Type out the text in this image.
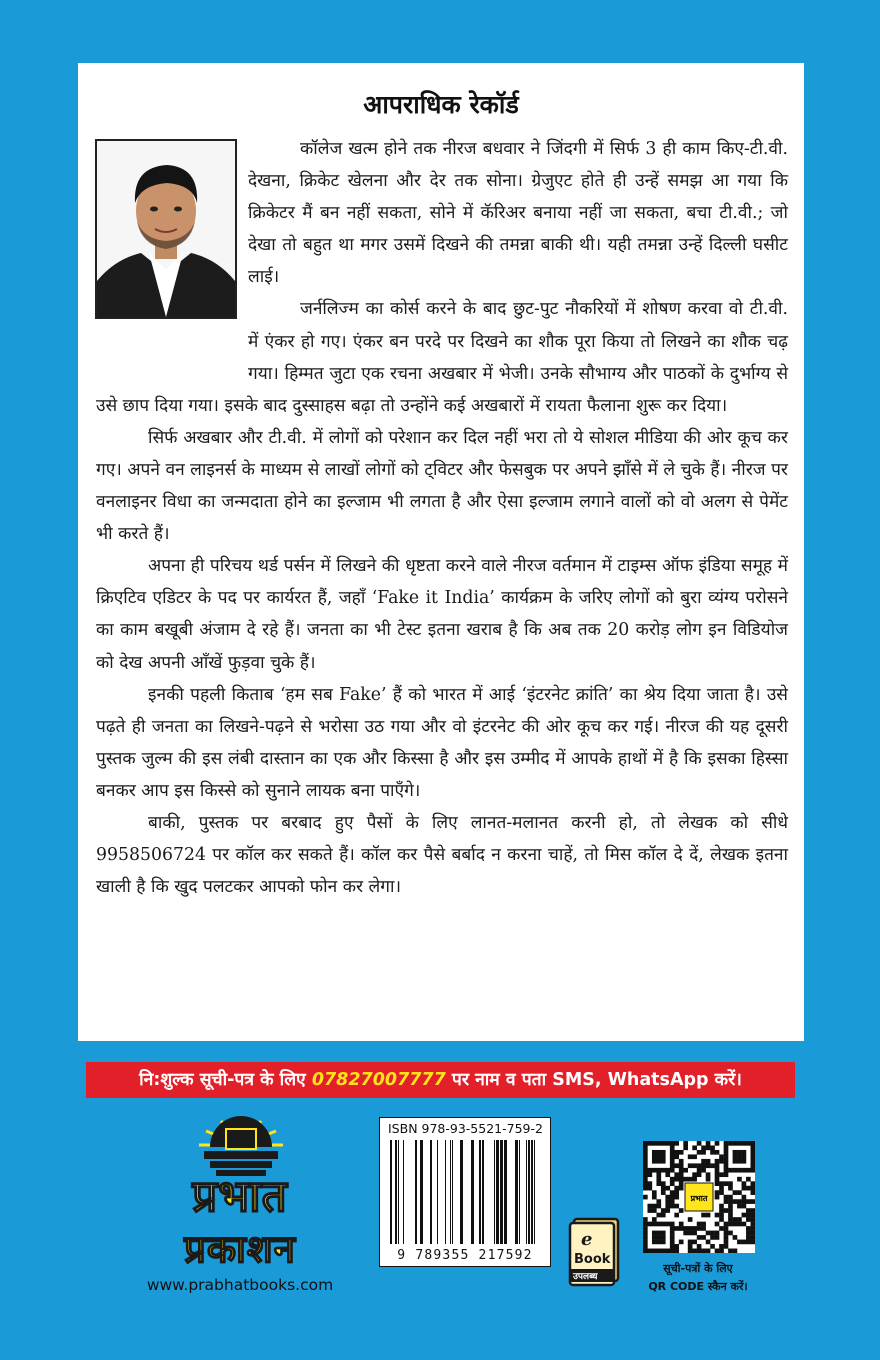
आपराधिक रेकॉर्ड

कॉलेज खत्म होने तक नीरज बधवार ने जिंदगी में सिर्फ 3 ही काम किए-टी.वी. देखना, क्रिकेट खेलना और देर तक सोना। ग्रेजुएट होते ही उन्हें समझ आ गया कि क्रिकेटर मैं बन नहीं सकता, सोने में कॅरिअर बनाया नहीं जा सकता, बचा टी.वी.; जो देखा तो बहुत था मगर उसमें दिखने की तमन्ना बाकी थी। यही तमन्ना उन्हें दिल्ली घसीट लाई।

जर्नलिज्म का कोर्स करने के बाद छुट-पुट नौकरियों में शोषण करवा वो टी.वी. में एंकर हो गए। एंकर बन परदे पर दिखने का शौक पूरा किया तो लिखने का शौक चढ़ गया। हिम्मत जुटा एक रचना अखबार में भेजी। उनके सौभाग्य और पाठकों के दुर्भाग्य से उसे छाप दिया गया। इसके बाद दुस्साहस बढ़ा तो उन्होंने कई अखबारों में रायता फैलाना शुरू कर दिया।

सिर्फ अखबार और टी.वी. में लोगों को परेशान कर दिल नहीं भरा तो ये सोशल मीडिया की ओर कूच कर गए। अपने वन लाइनर्स के माध्यम से लाखों लोगों को ट्विटर और फेसबुक पर अपने झाँसे में ले चुके हैं। नीरज पर वनलाइनर विधा का जन्मदाता होने का इल्जाम भी लगता है और ऐसा इल्जाम लगाने वालों को वो अलग से पेमेंट भी करते हैं।

अपना ही परिचय थर्ड पर्सन में लिखने की धृष्टता करने वाले नीरज वर्तमान में टाइम्स ऑफ इंडिया समूह में क्रिएटिव एडिटर के पद पर कार्यरत हैं, जहाँ ‘Fake it India’ कार्यक्रम के जरिए लोगों को बुरा व्यंग्य परोसने का काम बखूबी अंजाम दे रहे हैं। जनता का भी टेस्ट इतना खराब है कि अब तक 20 करोड़ लोग इन विडियोज को देख अपनी आँखें फुड़वा चुके हैं।

इनकी पहली किताब ‘हम सब Fake’ हैं को भारत में आई ‘इंटरनेट क्रांति’ का श्रेय दिया जाता है। उसे पढ़ते ही जनता का लिखने-पढ़ने से भरोसा उठ गया और वो इंटरनेट की ओर कूच कर गई। नीरज की यह दूसरी पुस्तक जुल्म की इस लंबी दास्तान का एक और किस्सा है और इस उम्मीद में आपके हाथों में है कि इसका हिस्सा बनकर आप इस किस्से को सुनाने लायक बना पाएँगे।

बाकी, पुस्तक पर बरबाद हुए पैसों के लिए लानत-मलानत करनी हो, तो लेखक को सीधे 9958506724 पर कॉल कर सकते हैं। कॉल कर पैसे बर्बाद न करना चाहें, तो मिस कॉल दे दें, लेखक इतना खाली है कि खुद पलटकर आपको फोन कर लेगा।

नि:शुल्क सूची-पत्र के लिए 07827007777 पर नाम व पता SMS, WhatsApp करें।
प्रभात
प्रकाशन
www.prabhatbooks.com
ISBN 978-93-5521-759-2
9 789355 217592
e
Book
उपलब्ध
प्रभात
सूची-पत्रों के लिए
QR CODE स्कैन करें।
